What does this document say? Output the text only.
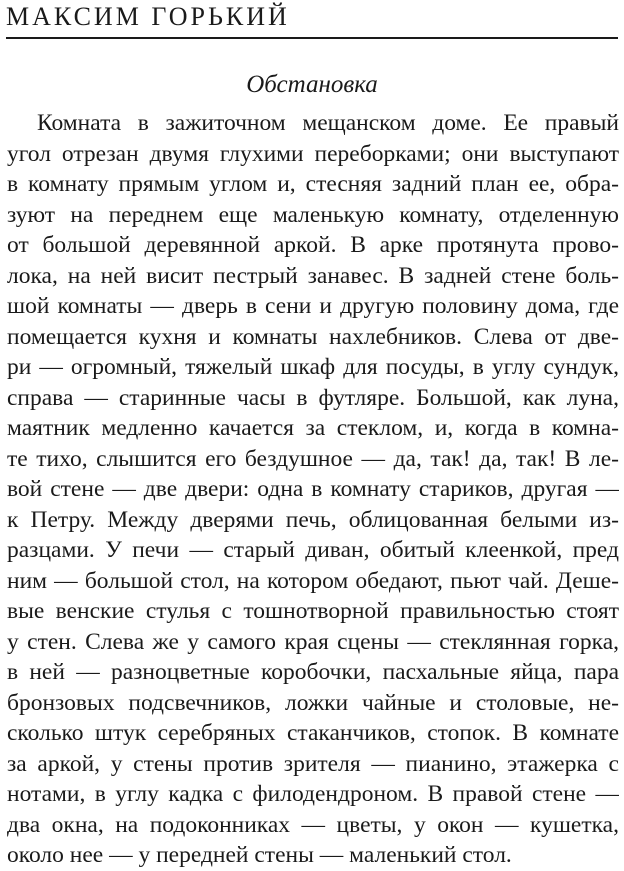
МАКСИМ ГОРЬКИЙ
Обстановка
Комната в зажиточном мещанском доме. Ее правый
угол отрезан двумя глухими переборками; они выступают
в комнату прямым углом и, стесняя задний план ее, обра-
зуют на переднем еще маленькую комнату, отделенную
от большой деревянной аркой. В арке протянута прово-
лока, на ней висит пестрый занавес. В задней стене боль-
шой комнаты — дверь в сени и другую половину дома, где
помещается кухня и комнаты нахлебников. Слева от две-
ри — огромный, тяжелый шкаф для посуды, в углу сундук,
справа — старинные часы в футляре. Большой, как луна,
маятник медленно качается за стеклом, и, когда в комна-
те тихо, слышится его бездушное — да, так! да, так! В ле-
вой стене — две двери: одна в комнату стариков, другая —
к Петру. Между дверями печь, облицованная белыми из-
разцами. У печи — старый диван, обитый клеенкой, пред
ним — большой стол, на котором обедают, пьют чай. Деше-
вые венские стулья с тошнотворной правильностью стоят
у стен. Слева же у самого края сцены — стеклянная горка,
в ней — разноцветные коробочки, пасхальные яйца, пара
бронзовых подсвечников, ложки чайные и столовые, не-
сколько штук серебряных стаканчиков, стопок. В комнате
за аркой, у стены против зрителя — пианино, этажерка с
нотами, в углу кадка с филодендроном. В правой стене —
два окна, на подоконниках — цветы, у окон — кушетка,
около нее — у передней стены — маленький стол.
